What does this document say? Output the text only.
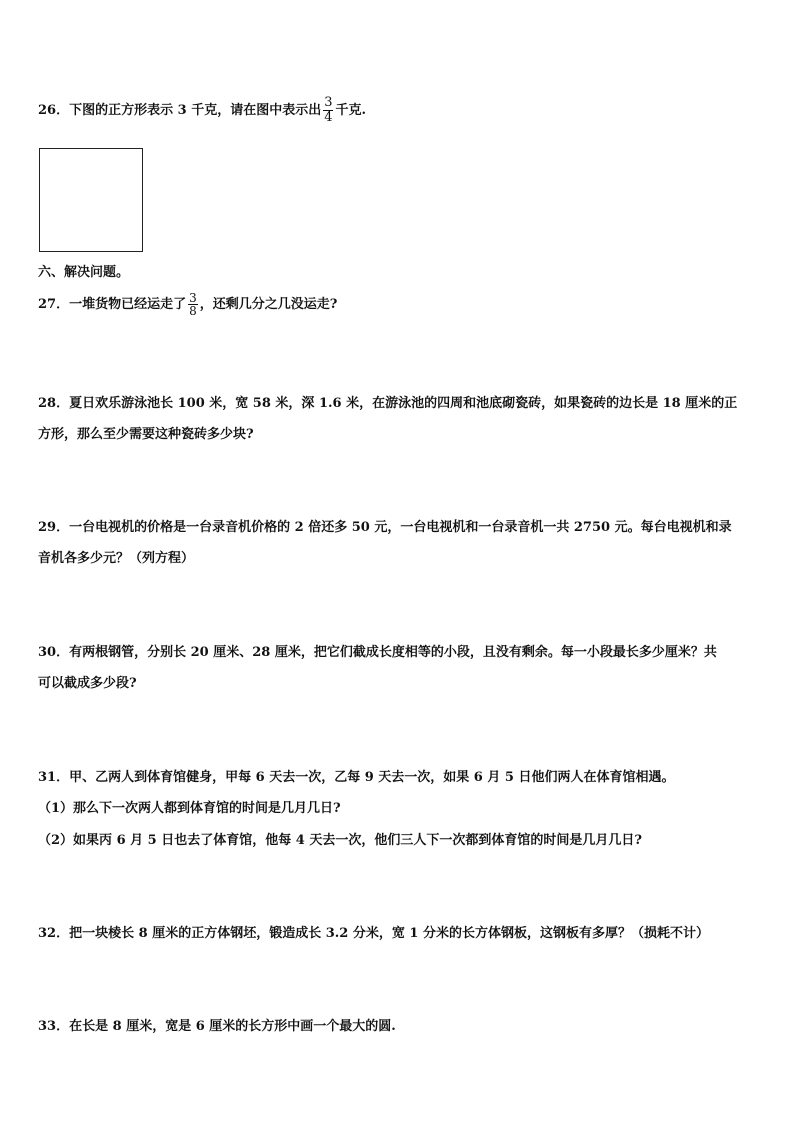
26．下图的正方形表示 3 千克，请在图中表示出 $\frac{3}{4}$ 千克.
六、解决问题。
27．一堆货物已经运走了 $\frac{3}{8}$ ，还剩几分之几没运走?
28．夏日欢乐游泳池长 100 米，宽 58 米，深 1.6 米，在游泳池的四周和池底砌瓷砖，如果瓷砖的边长是 18 厘米的正
方形，那么至少需要这种瓷砖多少块?
29．一台电视机的价格是一台录音机价格的 2 倍还多 50 元，一台电视机和一台录音机一共 2750 元。每台电视机和录
音机各多少元？（列方程）
30．有两根钢管，分别长 20 厘米、28 厘米，把它们截成长度相等的小段，且没有剩余。每一小段最长多少厘米？共
可以截成多少段?
31．甲、乙两人到体育馆健身，甲每 6 天去一次，乙每 9 天去一次，如果 6 月 5 日他们两人在体育馆相遇。
（1）那么下一次两人都到体育馆的时间是几月几日?
（2）如果丙 6 月 5 日也去了体育馆，他每 4 天去一次，他们三人下一次都到体育馆的时间是几月几日?
32．把一块棱长 8 厘米的正方体钢坯，锻造成长 3.2 分米，宽 1 分米的长方体钢板，这钢板有多厚？（损耗不计）
33．在长是 8 厘米，宽是 6 厘米的长方形中画一个最大的圆.
